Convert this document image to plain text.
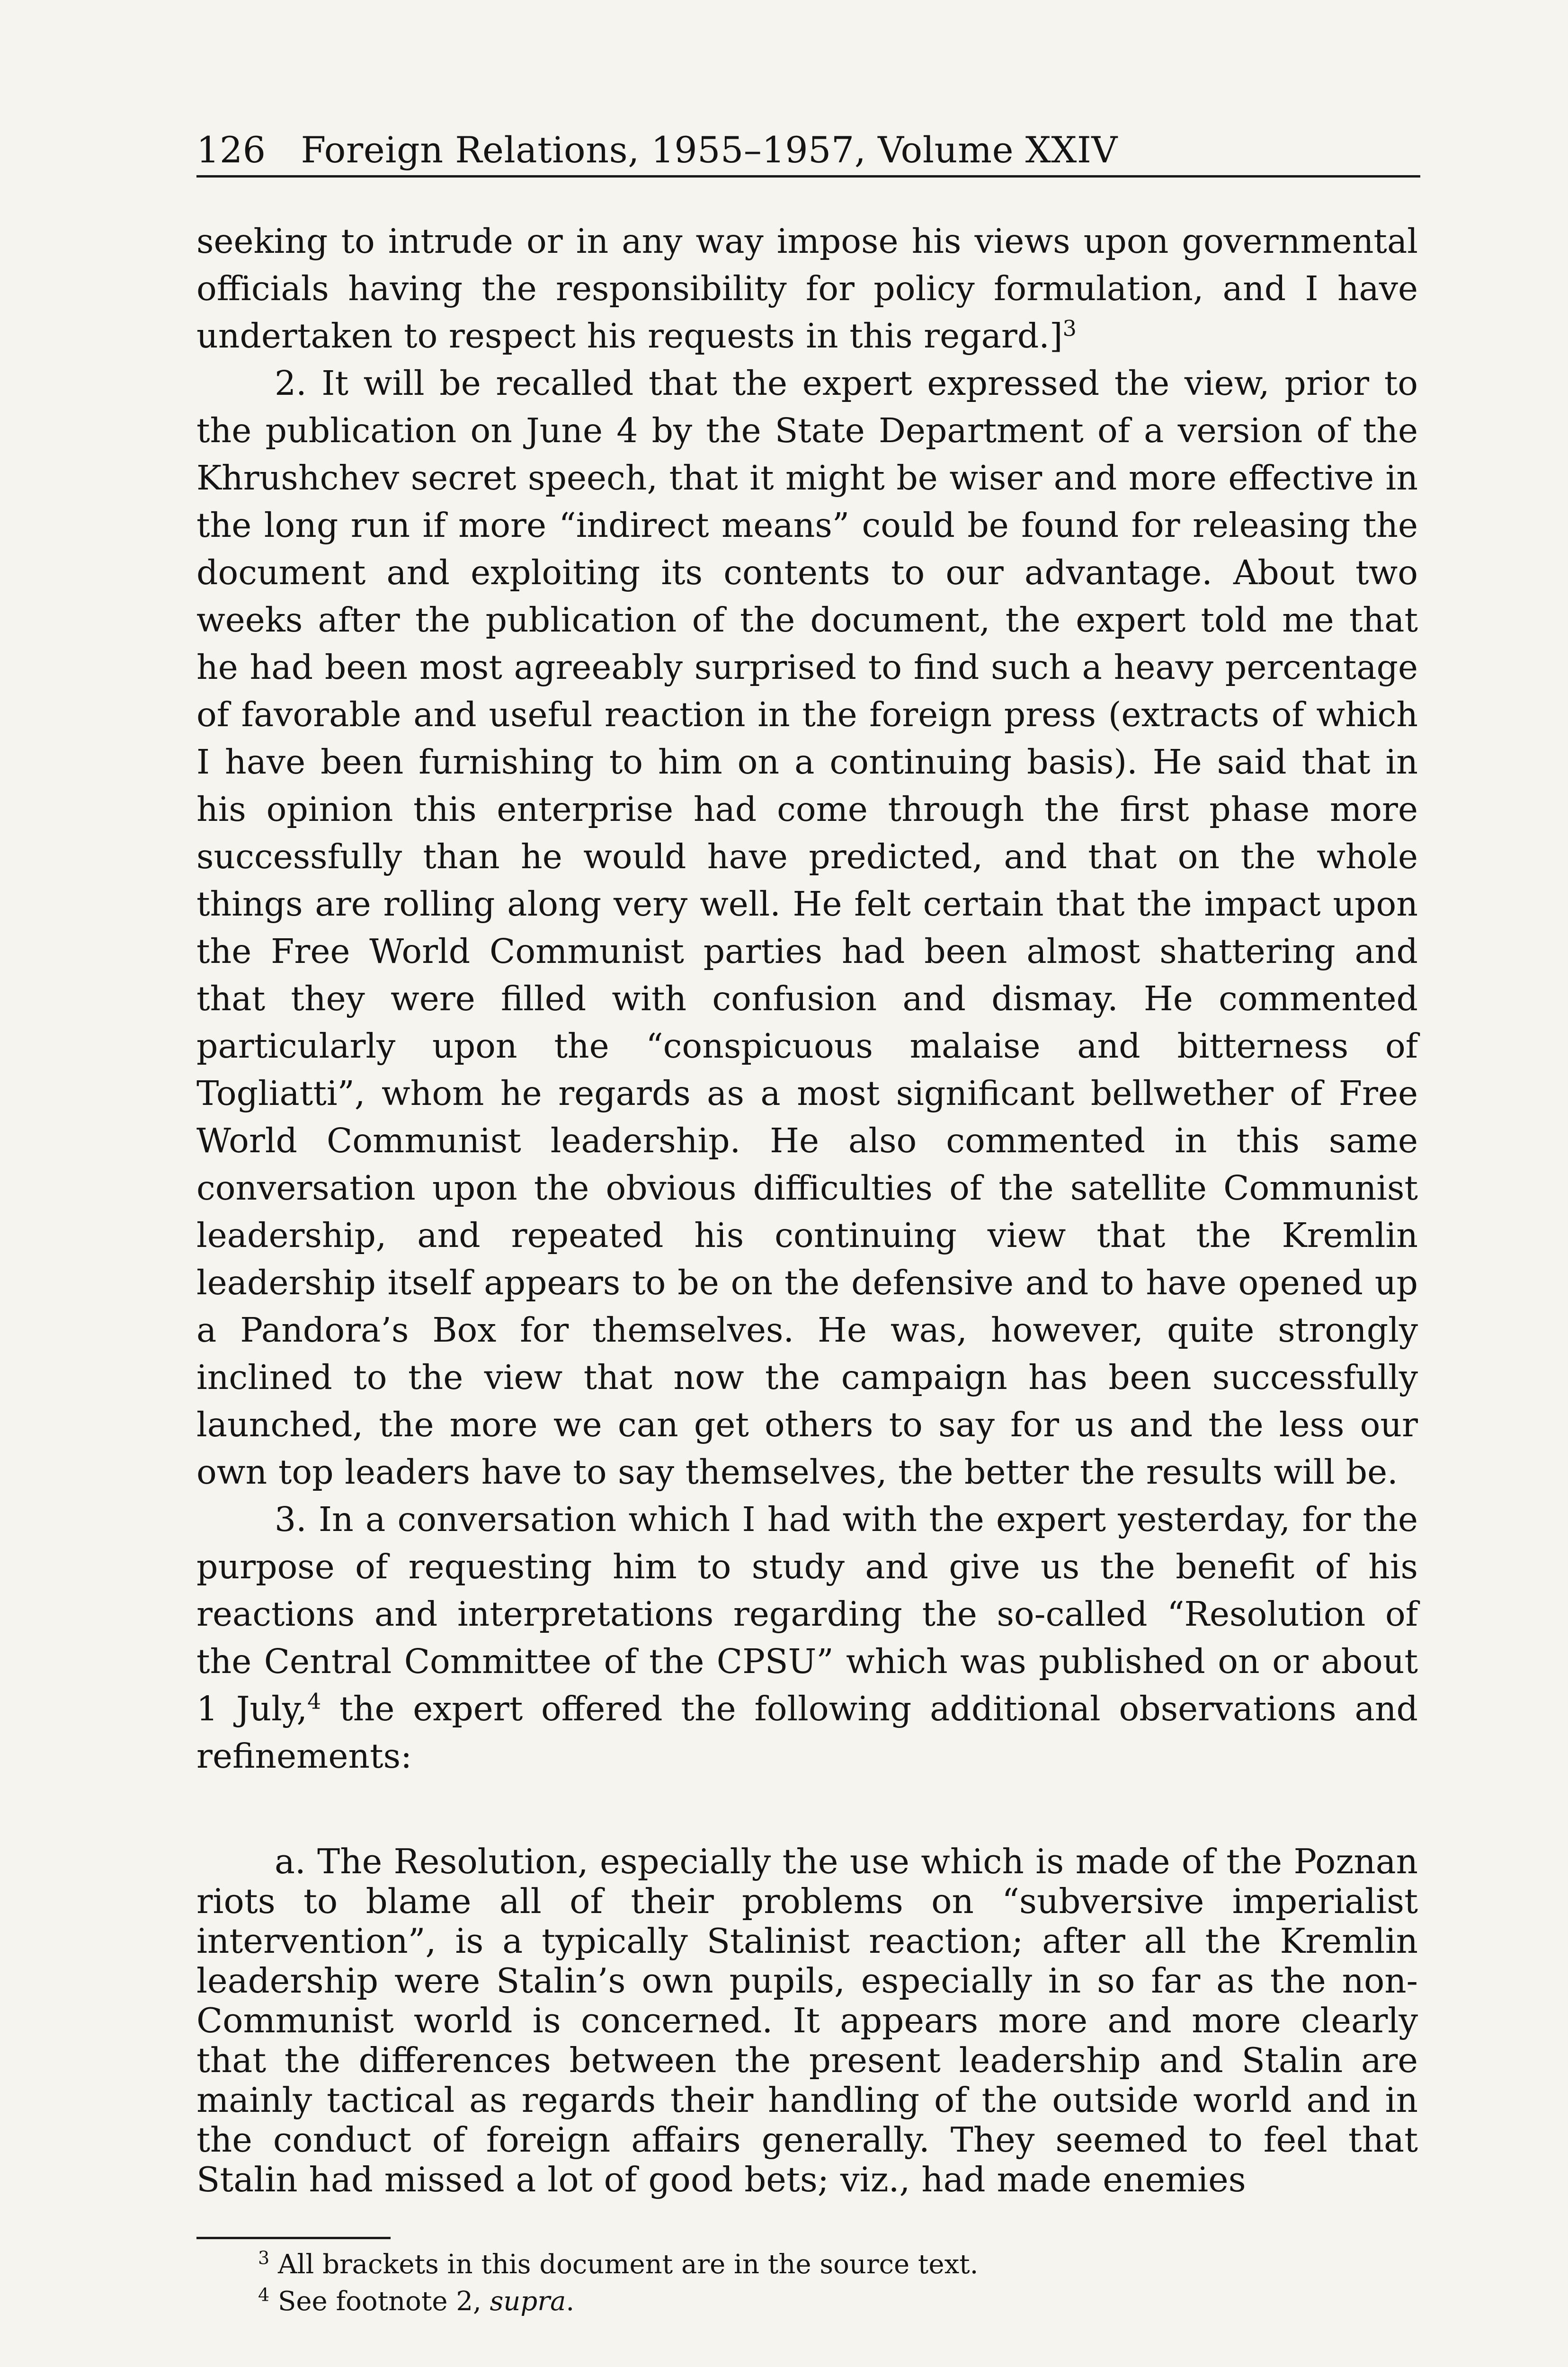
126 Foreign Relations, 1955–1957, Volume XXIV

seeking to intrude or in any way impose his views upon governmental officials having the responsibility for policy formulation, and I have undertaken to respect his requests in this regard.]$^3$

2. It will be recalled that the expert expressed the view, prior to the publication on June 4 by the State Department of a version of the Khrushchev secret speech, that it might be wiser and more effective in the long run if more “indirect means” could be found for releasing the document and exploiting its contents to our advantage. About two weeks after the publication of the document, the expert told me that he had been most agreeably surprised to find such a heavy percentage of favorable and useful reaction in the foreign press (extracts of which I have been furnishing to him on a continuing basis). He said that in his opinion this enterprise had come through the first phase more successfully than he would have predicted, and that on the whole things are rolling along very well. He felt certain that the impact upon the Free World Communist parties had been almost shattering and that they were filled with confusion and dismay. He commented particularly upon the “conspicuous malaise and bitterness of Togliatti”, whom he regards as a most significant bellwether of Free World Communist leadership. He also commented in this same conversation upon the obvious difficulties of the satellite Communist leadership, and repeated his continuing view that the Kremlin leadership itself appears to be on the defensive and to have opened up a Pandora’s Box for themselves. He was, however, quite strongly inclined to the view that now the campaign has been successfully launched, the more we can get others to say for us and the less our own top leaders have to say themselves, the better the results will be.

3. In a conversation which I had with the expert yesterday, for the purpose of requesting him to study and give us the benefit of his reactions and interpretations regarding the so-called “Resolution of the Central Committee of the CPSU” which was published on or about 1 July,$^4$ the expert offered the following additional observations and refinements:

a. The Resolution, especially the use which is made of the Poznan riots to blame all of their problems on “subversive imperialist intervention”, is a typically Stalinist reaction; after all the Kremlin leadership were Stalin’s own pupils, especially in so far as the non-Communist world is concerned. It appears more and more clearly that the differences between the present leadership and Stalin are mainly tactical as regards their handling of the outside world and in the conduct of foreign affairs generally. They seemed to feel that Stalin had missed a lot of good bets; viz., had made enemies

$^3$ All brackets in this document are in the source text.

$^4$ See footnote 2, supra.
